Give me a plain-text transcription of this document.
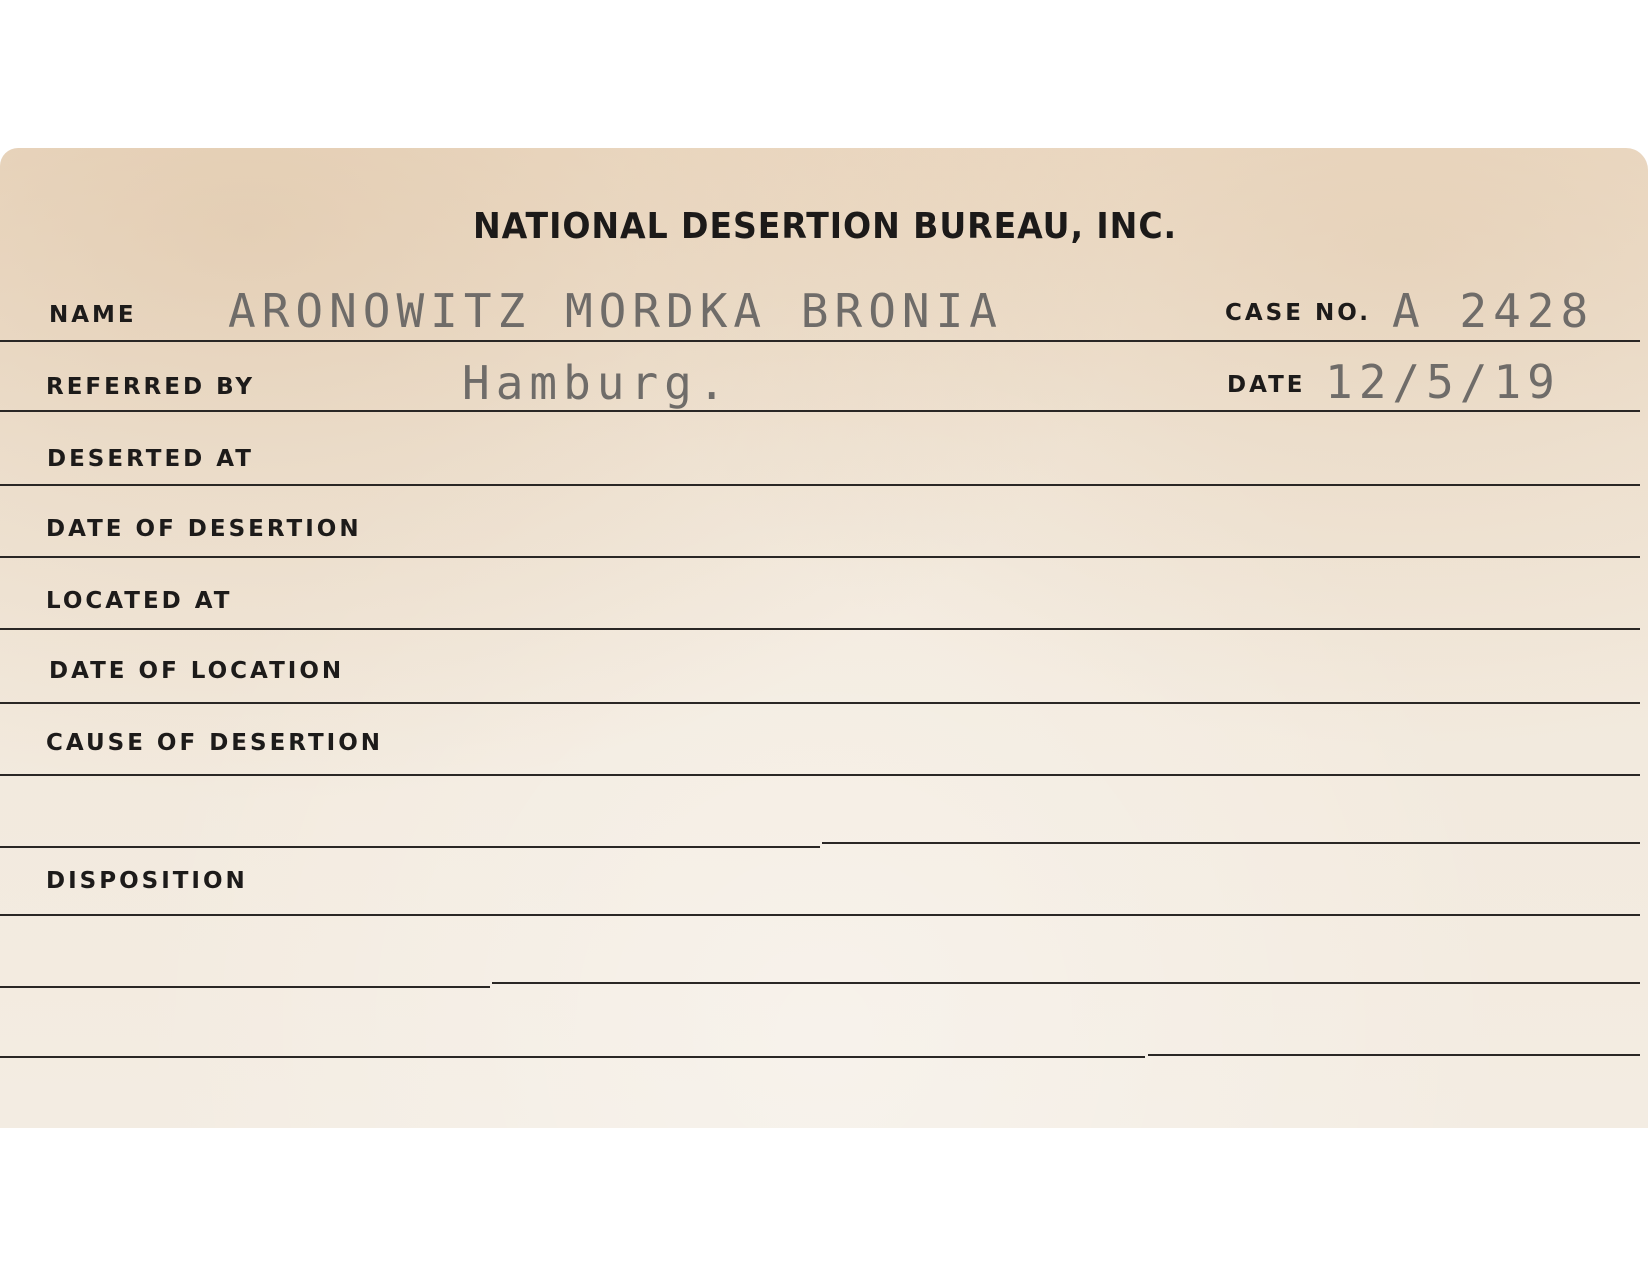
NATIONAL DESERTION BUREAU, INC.
NAME ARONOWITZ MORDKA BRONIA	CASE NO. A 2428
REFERRED BY	Hamburg.	DATE 12/5/19
DESERTED AT
DATE OF DESERTION
LOCATED AT
DATE OF LOCATION
CAUSE OF DESERTION
DISPOSITION
